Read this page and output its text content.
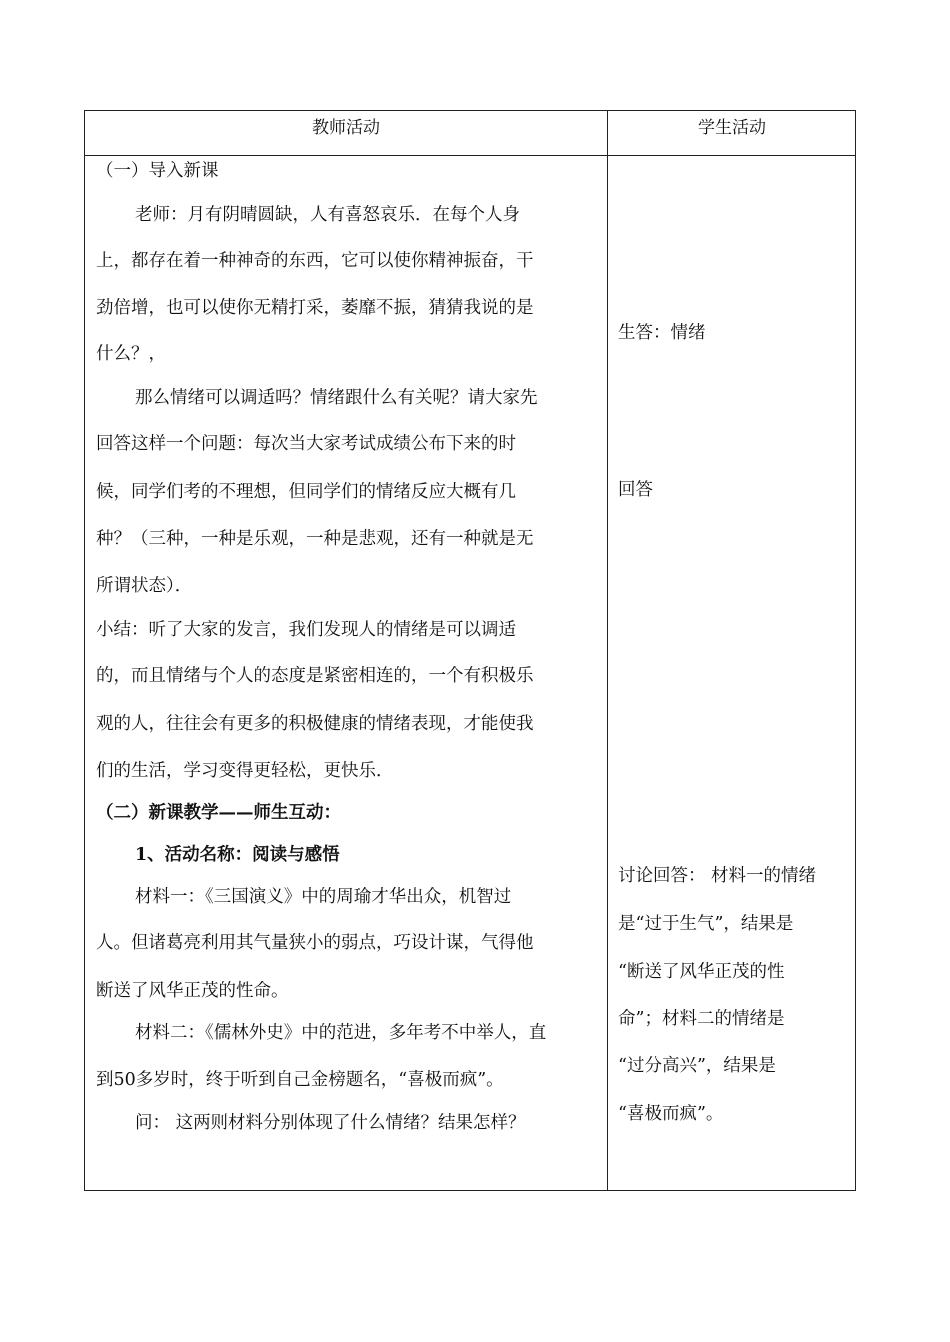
教师活动	学生活动
（一）导入新课
老师：月有阴晴圆缺，人有喜怒哀乐．在每个人身
上，都存在着一种神奇的东西，它可以使你精神振奋，干
劲倍增，也可以使你无精打采，萎靡不振，猜猜我说的是
什么？，
那么情绪可以调适吗？情绪跟什么有关呢？请大家先
回答这样一个问题：每次当大家考试成绩公布下来的时
候，同学们考的不理想，但同学们的情绪反应大概有几
种？（三种，一种是乐观，一种是悲观，还有一种就是无
所谓状态）．
小结：听了大家的发言，我们发现人的情绪是可以调适
的，而且情绪与个人的态度是紧密相连的，一个有积极乐
观的人，往往会有更多的积极健康的情绪表现，才能使我
们的生活，学习变得更轻松，更快乐．
（二）新课教学——师生互动：
1、活动名称：阅读与感悟
材料一：《三国演义》中的周瑜才华出众，机智过
人。但诸葛亮利用其气量狭小的弱点，巧设计谋，气得他
断送了风华正茂的性命。
材料二：《儒林外史》中的范进，多年考不中举人，直
到50多岁时，终于听到自己金榜题名，“喜极而疯”。
问： 这两则材料分别体现了什么情绪？结果怎样？
生答：情绪
回答
讨论回答： 材料一的情绪
是“过于生气”，结果是
“断送了风华正茂的性
命”；材料二的情绪是
“过分高兴”，结果是
“喜极而疯”。
